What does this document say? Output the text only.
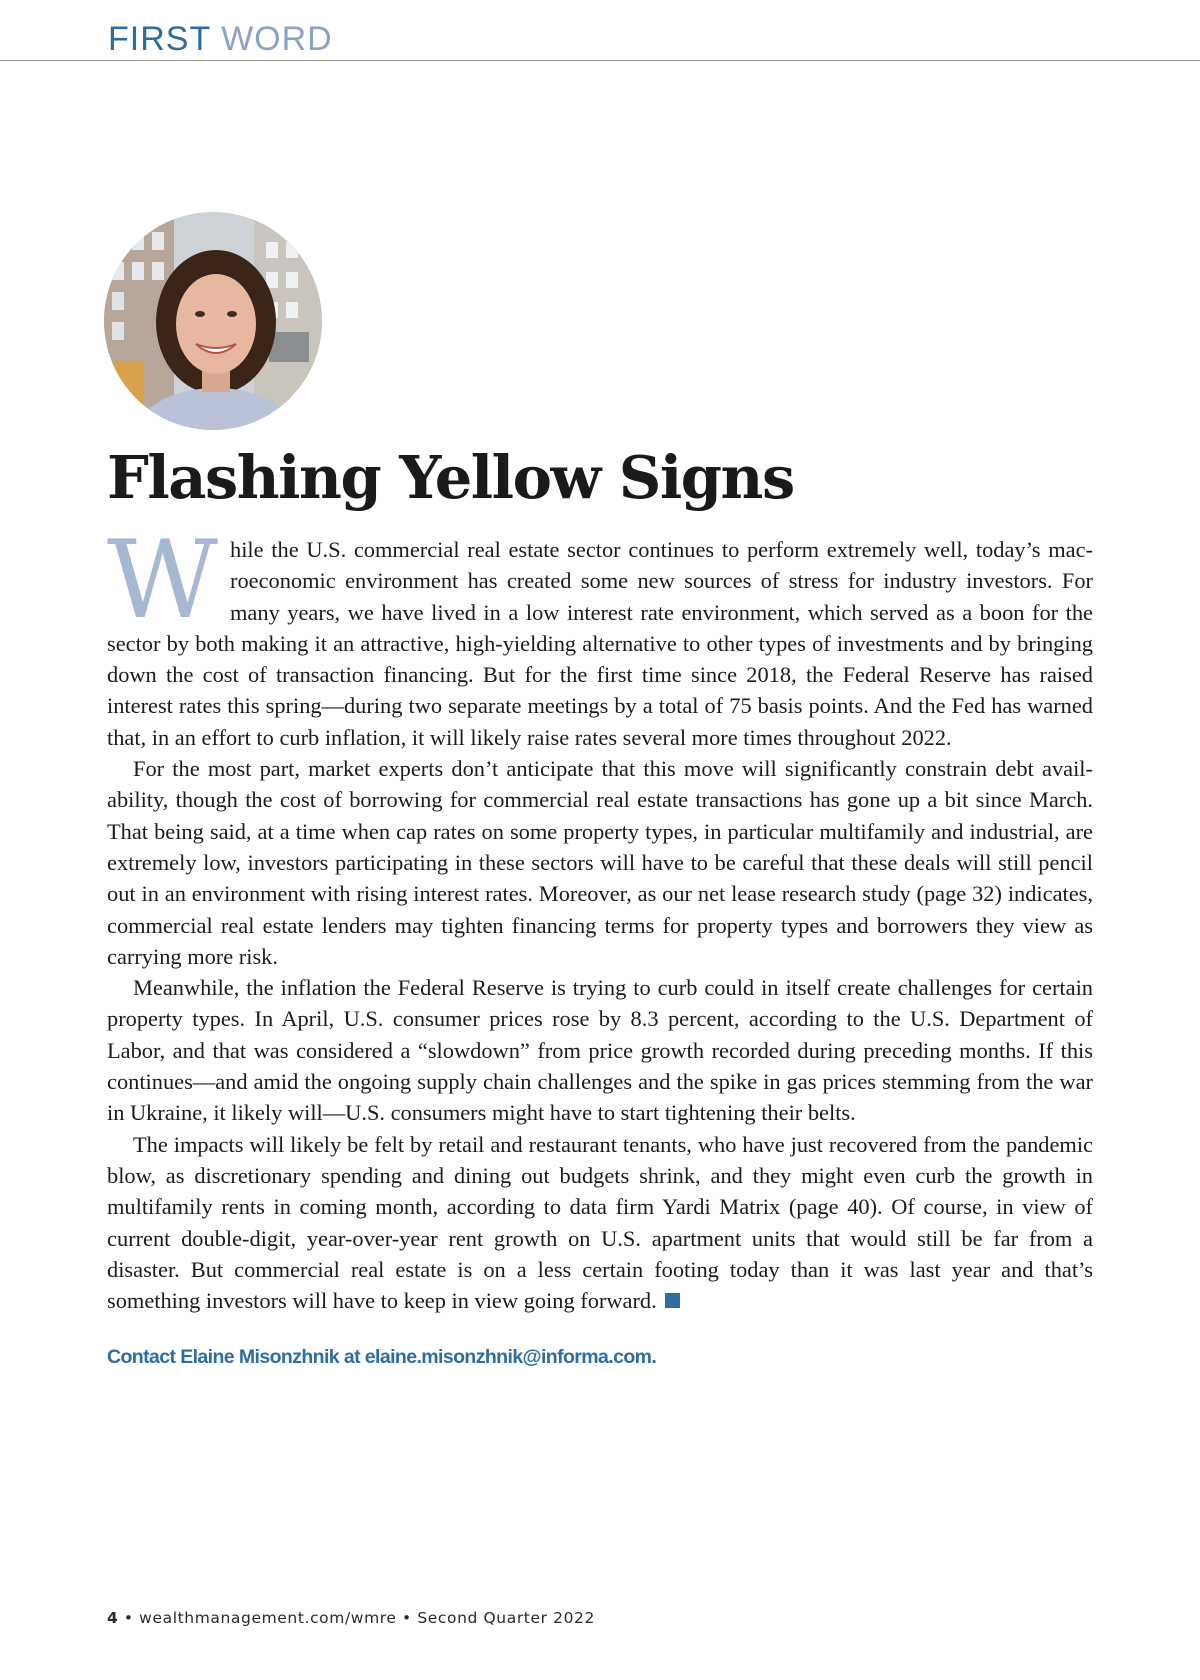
FIRST WORD
Flashing Yellow Signs

While the U.S. commercial real estate sector continues to perform extremely well, today’s macroeconomic environment has created some new sources of stress for industry investors. For many years, we have lived in a low interest rate environment, which served as a boon for the sector by both making it an attractive, high-yielding alternative to other types of investments and by bringing down the cost of transaction financing. But for the first time since 2018, the Federal Reserve has raised interest rates this spring—during two separate meetings by a total of 75 basis points. And the Fed has warned that, in an effort to curb inflation, it will likely raise rates several more times throughout 2022.

For the most part, market experts don’t anticipate that this move will significantly constrain debt availability, though the cost of borrowing for commercial real estate transactions has gone up a bit since March. That being said, at a time when cap rates on some property types, in particular multifamily and industrial, are extremely low, investors participating in these sectors will have to be careful that these deals will still pencil out in an environment with rising interest rates. Moreover, as our net lease research study (page 32) indicates, commercial real estate lenders may tighten financing terms for property types and borrowers they view as carrying more risk.

Meanwhile, the inflation the Federal Reserve is trying to curb could in itself create challenges for certain property types. In April, U.S. consumer prices rose by 8.3 percent, according to the U.S. Department of Labor, and that was considered a “slowdown” from price growth recorded during preceding months. If this continues—and amid the ongoing supply chain challenges and the spike in gas prices stemming from the war in Ukraine, it likely will—U.S. consumers might have to start tightening their belts.

The impacts will likely be felt by retail and restaurant tenants, who have just recovered from the pandemic blow, as discretionary spending and dining out budgets shrink, and they might even curb the growth in multifamily rents in coming month, according to data firm Yardi Matrix (page 40). Of course, in view of current double-digit, year-over-year rent growth on U.S. apartment units that would still be far from a disaster. But commercial real estate is on a less certain footing today than it was last year and that’s something investors will have to keep in view going forward.

Contact Elaine Misonzhnik at elaine.misonzhnik@informa.com.
4 • wealthmanagement.com/wmre • Second Quarter 2022
